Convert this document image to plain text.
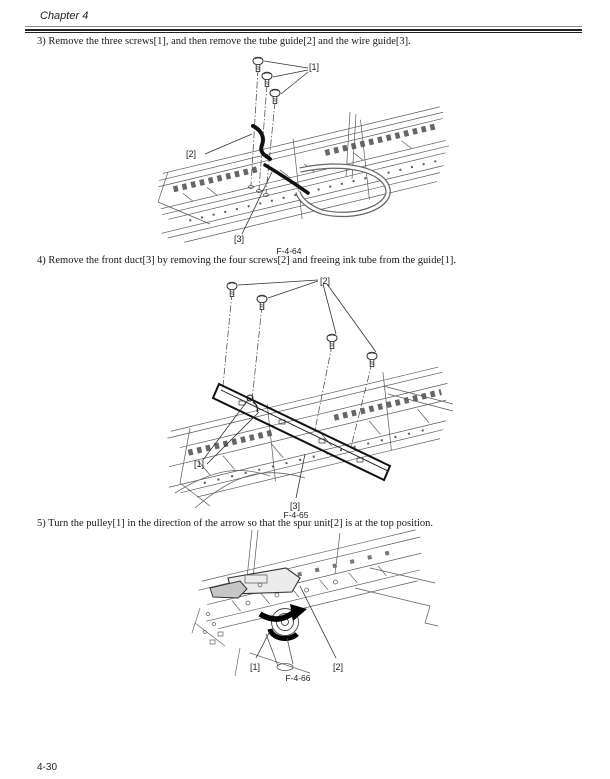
Chapter 4
3) Remove the three screws[1], and then remove the tube guide[2] and the wire guide[3].
[1]
[2]
[3]
F-4-64
4) Remove the front duct[3] by removing the four screws[2] and freeing ink tube from the guide[1].
[2]
[1]
[3]
F-4-65
5) Turn the pulley[1] in the direction of the arrow so that the spur unit[2] is at the top position.
[1]	[2]
F-4-66
4-30
